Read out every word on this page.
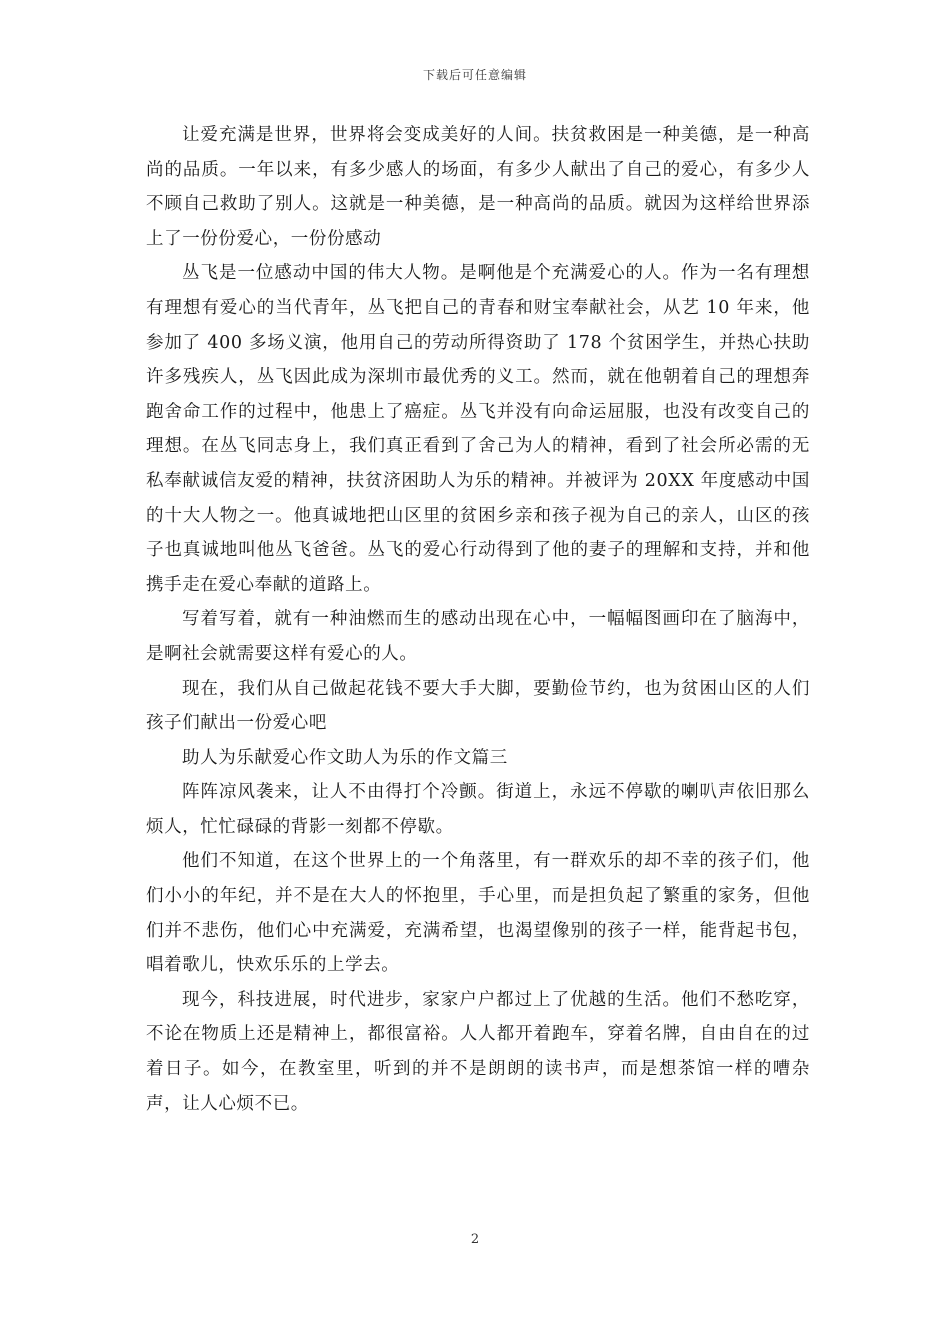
下载后可任意编辑

让爱充满是世界，世界将会变成美好的人间。扶贫救困是一种美德，是一种高尚的品质。一年以来，有多少感人的场面，有多少人献出了自己的爱心，有多少人不顾自己救助了别人。这就是一种美德，是一种高尚的品质。就因为这样给世界添上了一份份爱心，一份份感动

丛飞是一位感动中国的伟大人物。是啊他是个充满爱心的人。作为一名有理想有理想有爱心的当代青年，丛飞把自己的青春和财宝奉献社会，从艺 10 年来，他参加了 400 多场义演，他用自己的劳动所得资助了 178 个贫困学生，并热心扶助许多残疾人，丛飞因此成为深圳市最优秀的义工。然而，就在他朝着自己的理想奔跑舍命工作的过程中，他患上了癌症。丛飞并没有向命运屈服，也没有改变自己的理想。在丛飞同志身上，我们真正看到了舍己为人的精神，看到了社会所必需的无私奉献诚信友爱的精神，扶贫济困助人为乐的精神。并被评为 20XX 年度感动中国的十大人物之一。他真诚地把山区里的贫困乡亲和孩子视为自己的亲人，山区的孩子也真诚地叫他丛飞爸爸。丛飞的爱心行动得到了他的妻子的理解和支持，并和他携手走在爱心奉献的道路上。

写着写着，就有一种油燃而生的感动出现在心中，一幅幅图画印在了脑海中，是啊社会就需要这样有爱心的人。

现在，我们从自己做起花钱不要大手大脚，要勤俭节约，也为贫困山区的人们孩子们献出一份爱心吧

助人为乐献爱心作文助人为乐的作文篇三

阵阵凉风袭来，让人不由得打个冷颤。街道上，永远不停歇的喇叭声依旧那么烦人，忙忙碌碌的背影一刻都不停歇。

他们不知道，在这个世界上的一个角落里，有一群欢乐的却不幸的孩子们，他们小小的年纪，并不是在大人的怀抱里，手心里，而是担负起了繁重的家务，但他们并不悲伤，他们心中充满爱，充满希望，也渴望像别的孩子一样，能背起书包，唱着歌儿，快欢乐乐的上学去。

现今，科技进展，时代进步，家家户户都过上了优越的生活。他们不愁吃穿，不论在物质上还是精神上，都很富裕。人人都开着跑车，穿着名牌，自由自在的过着日子。如今，在教室里，听到的并不是朗朗的读书声，而是想茶馆一样的嘈杂声，让人心烦不已。

2
